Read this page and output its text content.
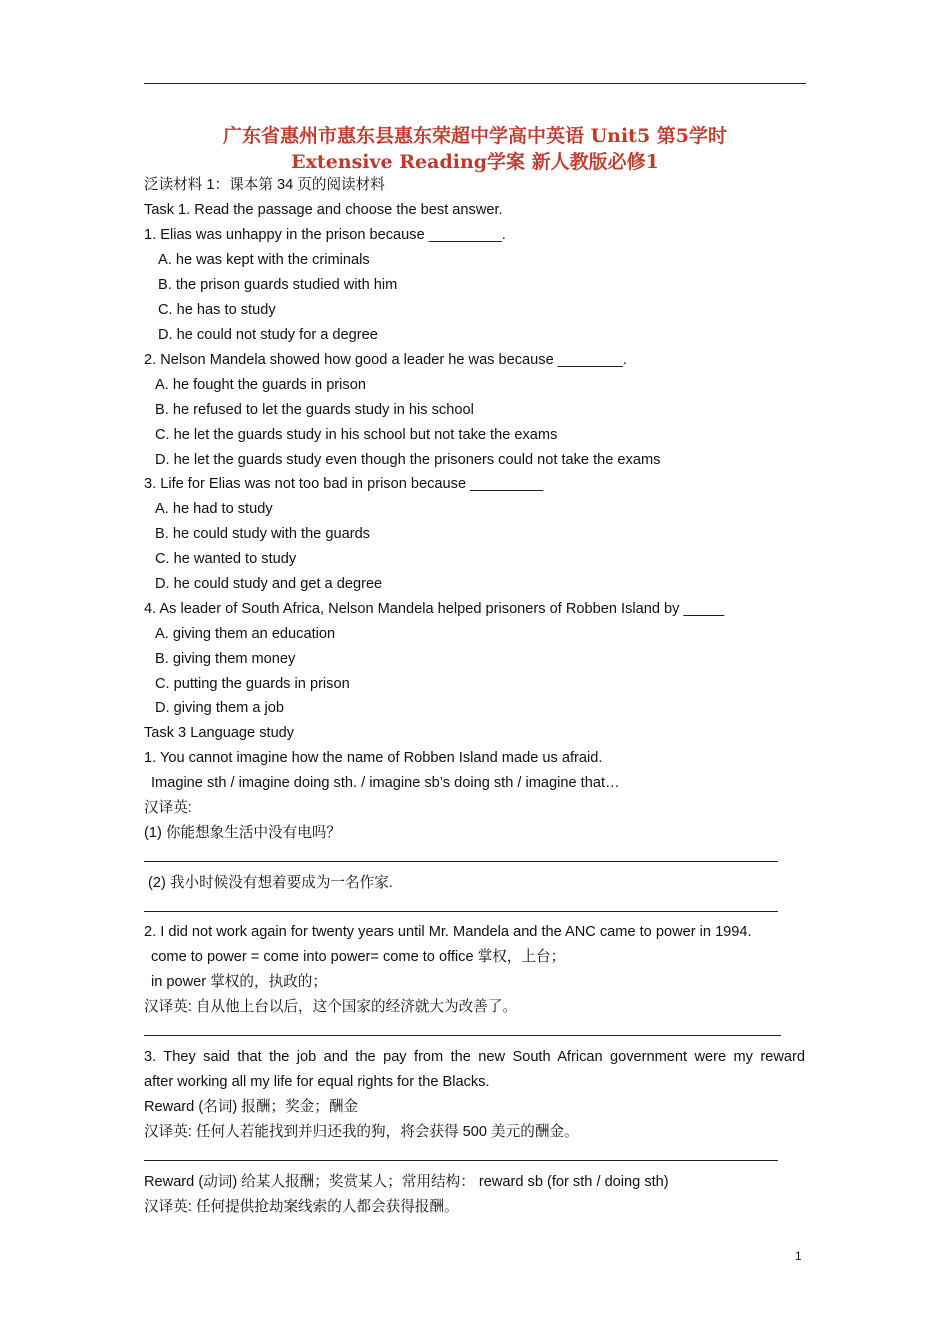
广东省惠州市惠东县惠东荣超中学高中英语 Unit5 第5学时
Extensive Reading学案 新人教版必修1
泛读材料 1：课本第 34 页的阅读材料
Task 1. Read the passage and choose the best answer.
1. Elias was unhappy in the prison because _________.
A. he was kept with the criminals
B. the prison guards studied with him
C. he has to study
D. he could not study for a degree
2. Nelson Mandela showed how good a leader he was because ________.
A. he fought the guards in prison
B. he refused to let the guards study in his school
C. he let the guards study in his school but not take the exams
D. he let the guards study even though the prisoners could not take the exams
3. Life for Elias was not too bad in prison because _________
A. he had to study
B. he could study with the guards
C. he wanted to study
D. he could study and get a degree
4. As leader of South Africa, Nelson Mandela helped prisoners of Robben Island by _____
A. giving them an education
B. giving them money
C. putting the guards in prison
D. giving them a job
Task 3 Language study
1. You cannot imagine how the name of Robben Island made us afraid.
Imagine sth / imagine doing sth. / imagine sb’s doing sth / imagine that…
汉译英:
(1) 你能想象生活中没有电吗？
(2) 我小时候没有想着要成为一名作家.
2. I did not work again for twenty years until Mr. Mandela and the ANC came to power in 1994.
come to power = come into power= come to office 掌权，上台；
in power 掌权的，执政的；
汉译英: 自从他上台以后，这个国家的经济就大为改善了。
3. They said that the job and the pay from the new South African government were my reward
after working all my life for equal rights for the Blacks.
Reward (名词) 报酬；奖金；酬金
汉译英: 任何人若能找到并归还我的狗，将会获得 500 美元的酬金。
Reward (动词) 给某人报酬；奖赏某人；常用结构： reward sb (for sth / doing sth)
汉译英: 任何提供抢劫案线索的人都会获得报酬。
1
